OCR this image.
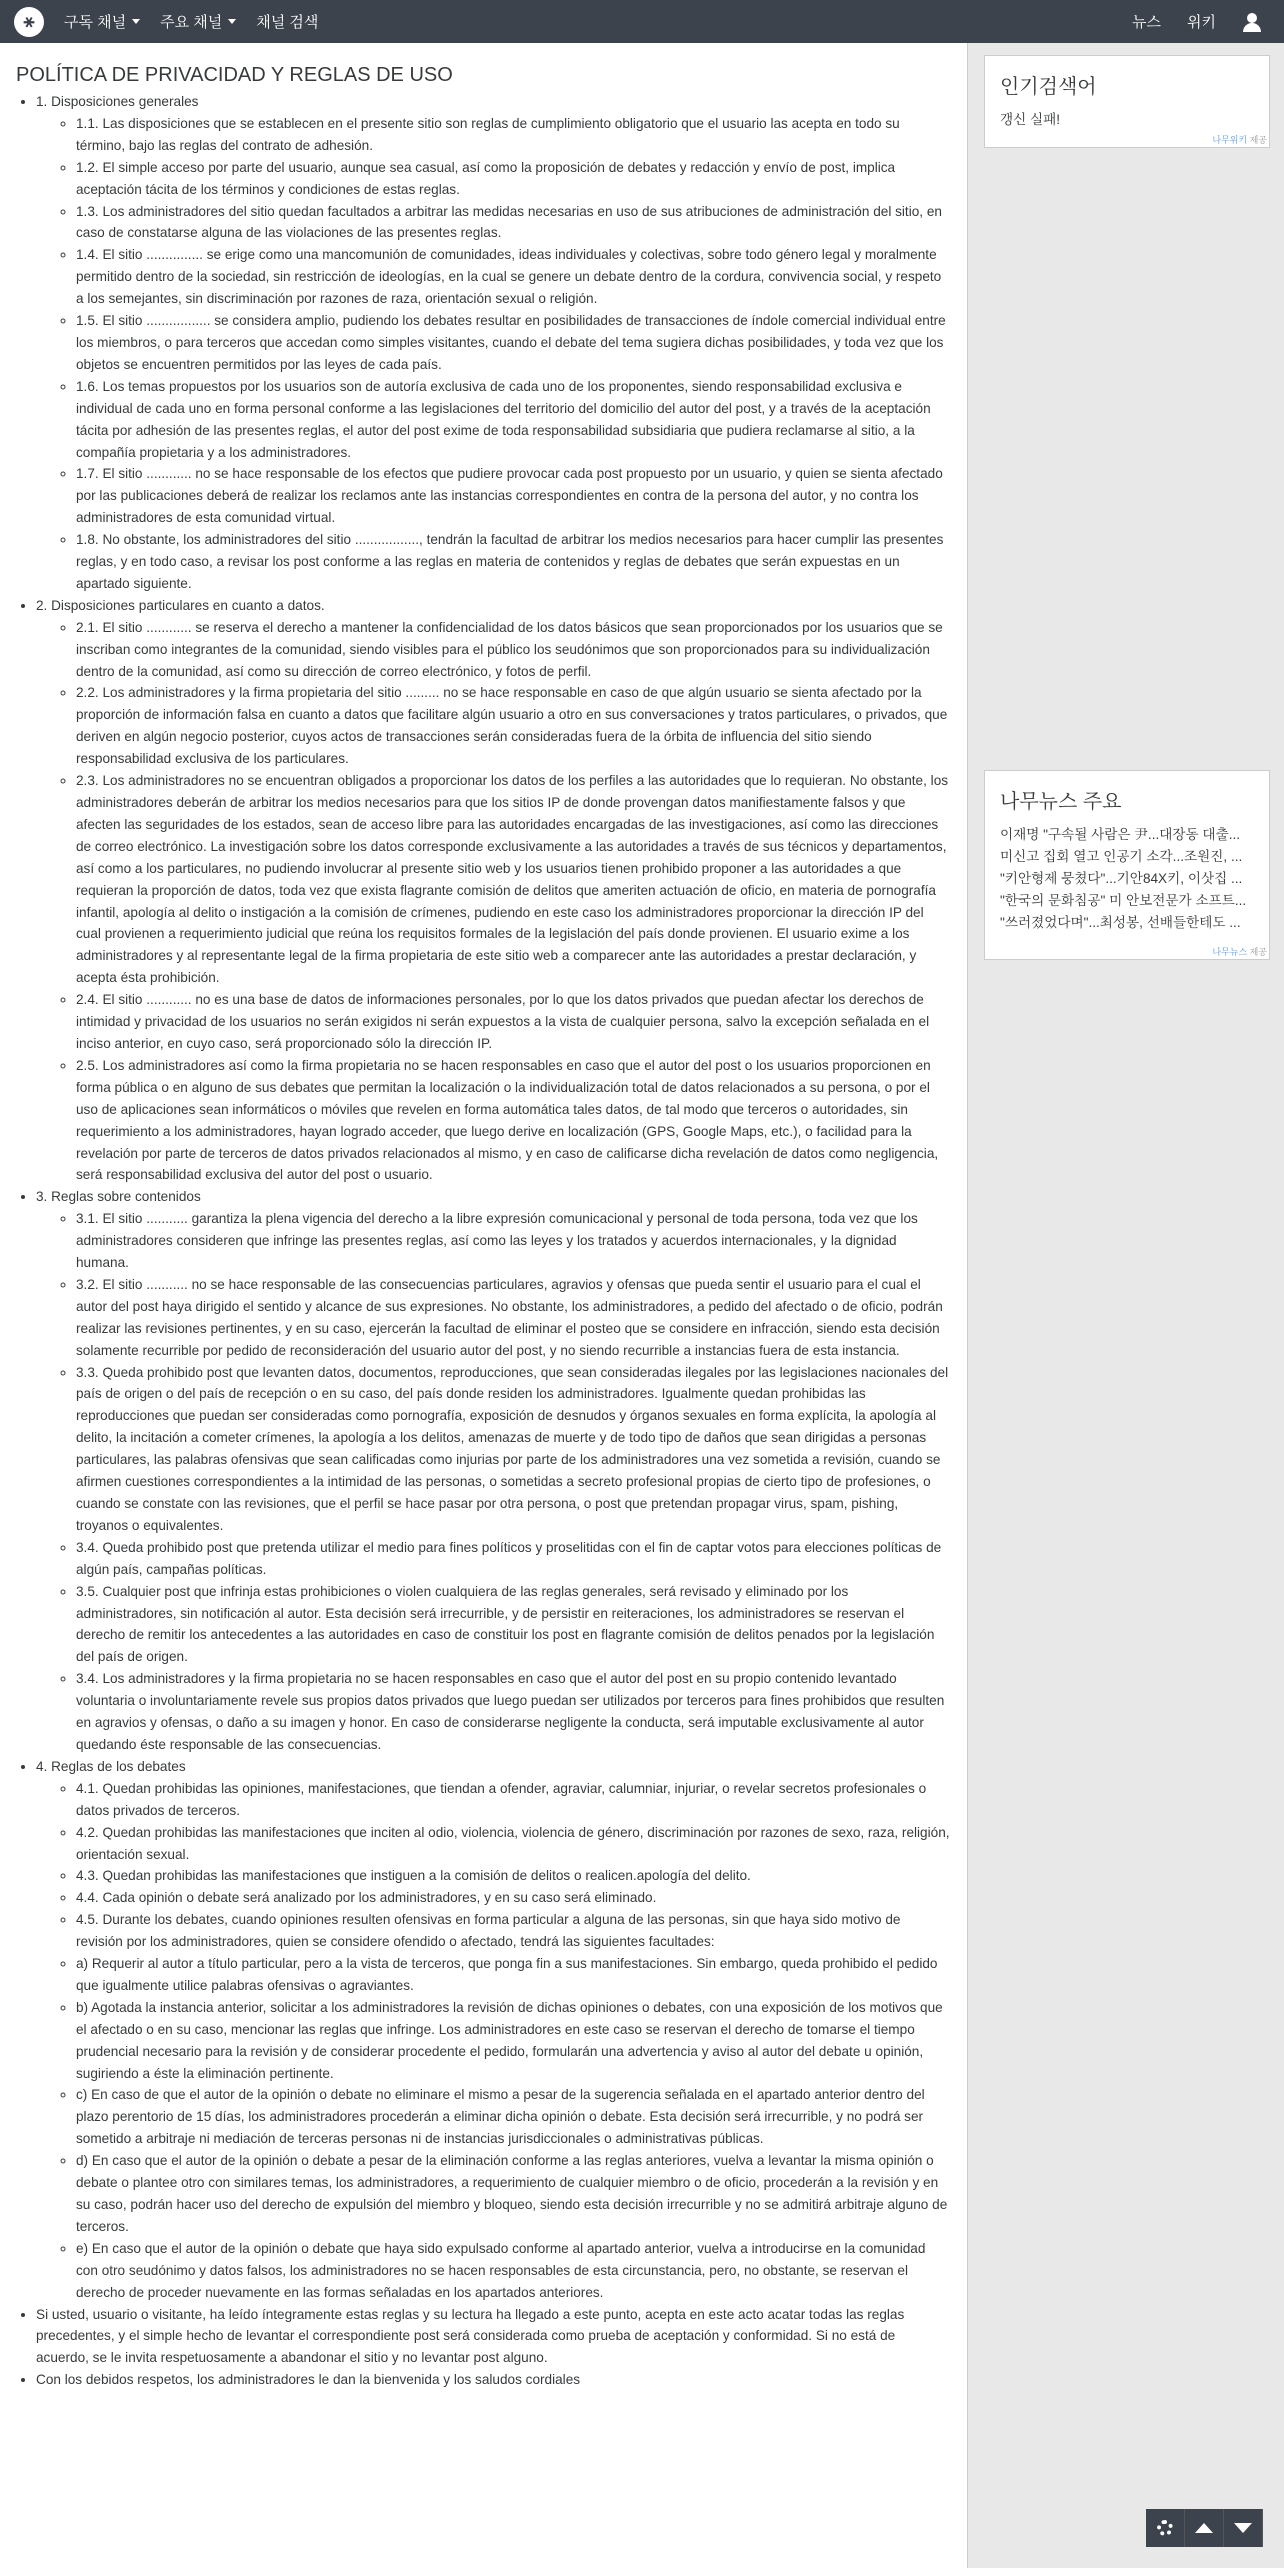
⚹	구독 채널 주요 채널 채널 검색	뉴스 위키
POLÍTICA DE PRIVACIDAD Y REGLAS DE USO
• 1. Disposiciones generales
◦ 1.1. Las disposiciones que se establecen en el presente sitio son reglas de cumplimiento obligatorio que el usuario las acepta en todo su término, bajo las reglas del contrato de adhesión.
◦ 1.2. El simple acceso por parte del usuario, aunque sea casual, así como la proposición de debates y redacción y envío de post, implica aceptación tácita de los términos y condiciones de estas reglas.
◦ 1.3. Los administradores del sitio quedan facultados a arbitrar las medidas necesarias en uso de sus atribuciones de administración del sitio, en caso de constatarse alguna de las violaciones de las presentes reglas.
◦ 1.4. El sitio ............... se erige como una mancomunión de comunidades, ideas individuales y colectivas, sobre todo género legal y moralmente permitido dentro de la sociedad, sin restricción de ideologías, en la cual se genere un debate dentro de la cordura, convivencia social, y respeto a los semejantes, sin discriminación por razones de raza, orientación sexual o religión.
◦ 1.5. El sitio ................. se considera amplio, pudiendo los debates resultar en posibilidades de transacciones de índole comercial individual entre los miembros, o para terceros que accedan como simples visitantes, cuando el debate del tema sugiera dichas posibilidades, y toda vez que los objetos se encuentren permitidos por las leyes de cada país.
◦ 1.6. Los temas propuestos por los usuarios son de autoría exclusiva de cada uno de los proponentes, siendo responsabilidad exclusiva e individual de cada uno en forma personal conforme a las legislaciones del territorio del domicilio del autor del post, y a través de la aceptación tácita por adhesión de las presentes reglas, el autor del post exime de toda responsabilidad subsidiaria que pudiera reclamarse al sitio, a la compañía propietaria y a los administradores.
◦ 1.7. El sitio ............ no se hace responsable de los efectos que pudiere provocar cada post propuesto por un usuario, y quien se sienta afectado por las publicaciones deberá de realizar los reclamos ante las instancias correspondientes en contra de la persona del autor, y no contra los administradores de esta comunidad virtual.
◦ 1.8. No obstante, los administradores del sitio ................., tendrán la facultad de arbitrar los medios necesarios para hacer cumplir las presentes reglas, y en todo caso, a revisar los post conforme a las reglas en materia de contenidos y reglas de debates que serán expuestas en un apartado siguiente.
• 2. Disposiciones particulares en cuanto a datos.
◦ 2.1. El sitio ............ se reserva el derecho a mantener la confidencialidad de los datos básicos que sean proporcionados por los usuarios que se inscriban como integrantes de la comunidad, siendo visibles para el público los seudónimos que son proporcionados para su individualización dentro de la comunidad, así como su dirección de correo electrónico, y fotos de perfil.
◦ 2.2. Los administradores y la firma propietaria del sitio ......... no se hace responsable en caso de que algún usuario se sienta afectado por la proporción de información falsa en cuanto a datos que facilitare algún usuario a otro en sus conversaciones y tratos particulares, o privados, que deriven en algún negocio posterior, cuyos actos de transacciones serán consideradas fuera de la órbita de influencia del sitio siendo responsabilidad exclusiva de los particulares.
◦ 2.3. Los administradores no se encuentran obligados a proporcionar los datos de los perfiles a las autoridades que lo requieran. No obstante, los administradores deberán de arbitrar los medios necesarios para que los sitios IP de donde provengan datos manifiestamente falsos y que afecten las seguridades de los estados, sean de acceso libre para las autoridades encargadas de las investigaciones, así como las direcciones de correo electrónico. La investigación sobre los datos corresponde exclusivamente a las autoridades a través de sus técnicos y departamentos, así como a los particulares, no pudiendo involucrar al presente sitio web y los usuarios tienen prohibido proponer a las autoridades a que requieran la proporción de datos, toda vez que exista flagrante comisión de delitos que ameriten actuación de oficio, en materia de pornografía infantil, apología al delito o instigación a la comisión de crímenes, pudiendo en este caso los administradores proporcionar la dirección IP del cual provienen a requerimiento judicial que reúna los requisitos formales de la legislación del país donde provienen. El usuario exime a los administradores y al representante legal de la firma propietaria de este sitio web a comparecer ante las autoridades a prestar declaración, y acepta ésta prohibición.
◦ 2.4. El sitio ............ no es una base de datos de informaciones personales, por lo que los datos privados que puedan afectar los derechos de intimidad y privacidad de los usuarios no serán exigidos ni serán expuestos a la vista de cualquier persona, salvo la excepción señalada en el inciso anterior, en cuyo caso, será proporcionado sólo la dirección IP.
◦ 2.5. Los administradores así como la firma propietaria no se hacen responsables en caso que el autor del post o los usuarios proporcionen en forma pública o en alguno de sus debates que permitan la localización o la individualización total de datos relacionados a su persona, o por el uso de aplicaciones sean informáticos o móviles que revelen en forma automática tales datos, de tal modo que terceros o autoridades, sin requerimiento a los administradores, hayan logrado acceder, que luego derive en localización (GPS, Google Maps, etc.), o facilidad para la revelación por parte de terceros de datos privados relacionados al mismo, y en caso de calificarse dicha revelación de datos como negligencia, será responsabilidad exclusiva del autor del post o usuario.
• 3. Reglas sobre contenidos
◦ 3.1. El sitio ........... garantiza la plena vigencia del derecho a la libre expresión comunicacional y personal de toda persona, toda vez que los administradores consideren que infringe las presentes reglas, así como las leyes y los tratados y acuerdos internacionales, y la dignidad humana.
◦ 3.2. El sitio ........... no se hace responsable de las consecuencias particulares, agravios y ofensas que pueda sentir el usuario para el cual el autor del post haya dirigido el sentido y alcance de sus expresiones. No obstante, los administradores, a pedido del afectado o de oficio, podrán realizar las revisiones pertinentes, y en su caso, ejercerán la facultad de eliminar el posteo que se considere en infracción, siendo esta decisión solamente recurrible por pedido de reconsideración del usuario autor del post, y no siendo recurrible a instancias fuera de esta instancia.
◦ 3.3. Queda prohibido post que levanten datos, documentos, reproducciones, que sean consideradas ilegales por las legislaciones nacionales del país de origen o del país de recepción o en su caso, del país donde residen los administradores. Igualmente quedan prohibidas las reproducciones que puedan ser consideradas como pornografía, exposición de desnudos y órganos sexuales en forma explícita, la apología al delito, la incitación a cometer crímenes, la apología a los delitos, amenazas de muerte y de todo tipo de daños que sean dirigidas a personas particulares, las palabras ofensivas que sean calificadas como injurias por parte de los administradores una vez sometida a revisión, cuando se afirmen cuestiones correspondientes a la intimidad de las personas, o sometidas a secreto profesional propias de cierto tipo de profesiones, o cuando se constate con las revisiones, que el perfil se hace pasar por otra persona, o post que pretendan propagar virus, spam, pishing, troyanos o equivalentes.
◦ 3.4. Queda prohibido post que pretenda utilizar el medio para fines políticos y proselitidas con el fin de captar votos para elecciones políticas de algún país, campañas políticas.
◦ 3.5. Cualquier post que infrinja estas prohibiciones o violen cualquiera de las reglas generales, será revisado y eliminado por los administradores, sin notificación al autor. Esta decisión será irrecurrible, y de persistir en reiteraciones, los administradores se reservan el derecho de remitir los antecedentes a las autoridades en caso de constituir los post en flagrante comisión de delitos penados por la legislación del país de origen.
◦ 3.4. Los administradores y la firma propietaria no se hacen responsables en caso que el autor del post en su propio contenido levantado voluntaria o involuntariamente revele sus propios datos privados que luego puedan ser utilizados por terceros para fines prohibidos que resulten en agravios y ofensas, o daño a su imagen y honor. En caso de considerarse negligente la conducta, será imputable exclusivamente al autor quedando éste responsable de las consecuencias.
• 4. Reglas de los debates
◦ 4.1. Quedan prohibidas las opiniones, manifestaciones, que tiendan a ofender, agraviar, calumniar, injuriar, o revelar secretos profesionales o datos privados de terceros.
◦ 4.2. Quedan prohibidas las manifestaciones que inciten al odio, violencia, violencia de género, discriminación por razones de sexo, raza, religión, orientación sexual.
◦ 4.3. Quedan prohibidas las manifestaciones que instiguen a la comisión de delitos o realicen.apología del delito.
◦ 4.4. Cada opinión o debate será analizado por los administradores, y en su caso será eliminado.
◦ 4.5. Durante los debates, cuando opiniones resulten ofensivas en forma particular a alguna de las personas, sin que haya sido motivo de revisión por los administradores, quien se considere ofendido o afectado, tendrá las siguientes facultades:
◦ a) Requerir al autor a título particular, pero a la vista de terceros, que ponga fin a sus manifestaciones. Sin embargo, queda prohibido el pedido que igualmente utilice palabras ofensivas o agraviantes.
◦ b) Agotada la instancia anterior, solicitar a los administradores la revisión de dichas opiniones o debates, con una exposición de los motivos que el afectado o en su caso, mencionar las reglas que infringe. Los administradores en este caso se reservan el derecho de tomarse el tiempo prudencial necesario para la revisión y de considerar procedente el pedido, formularán una advertencia y aviso al autor del debate u opinión, sugiriendo a éste la eliminación pertinente.
◦ c) En caso de que el autor de la opinión o debate no eliminare el mismo a pesar de la sugerencia señalada en el apartado anterior dentro del plazo perentorio de 15 días, los administradores procederán a eliminar dicha opinión o debate. Esta decisión será irrecurrible, y no podrá ser sometido a arbitraje ni mediación de terceras personas ni de instancias jurisdiccionales o administrativas públicas.
◦ d) En caso que el autor de la opinión o debate a pesar de la eliminación conforme a las reglas anteriores, vuelva a levantar la misma opinión o debate o plantee otro con similares temas, los administradores, a requerimiento de cualquier miembro o de oficio, procederán a la revisión y en su caso, podrán hacer uso del derecho de expulsión del miembro y bloqueo, siendo esta decisión irrecurrible y no se admitirá arbitraje alguno de terceros.
◦ e) En caso que el autor de la opinión o debate que haya sido expulsado conforme al apartado anterior, vuelva a introducirse en la comunidad con otro seudónimo y datos falsos, los administradores no se hacen responsables de esta circunstancia, pero, no obstante, se reservan el derecho de proceder nuevamente en las formas señaladas en los apartados anteriores.
• Si usted, usuario o visitante, ha leído íntegramente estas reglas y su lectura ha llegado a este punto, acepta en este acto acatar todas las reglas precedentes, y el simple hecho de levantar el correspondiente post será considerada como prueba de aceptación y conformidad. Si no está de acuerdo, se le invita respetuosamente a abandonar el sitio y no levantar post alguno.
• Con los debidos respetos, los administradores le dan la bienvenida y los saludos cordiales
인기검색어
갱신 실패!
나무위키 제공
나무뉴스 주요
이재명 "구속될 사람은 尹...대장동 대출...
미신고 집회 열고 인공기 소각...조원진, ...
"키안형제 뭉쳤다"...기안84X키, 이삿집 ...
"한국의 문화침공" 미 안보전문가 소프트...
"쓰러졌었다며"...최성봉, 선배들한테도 ...
나무뉴스 제공
